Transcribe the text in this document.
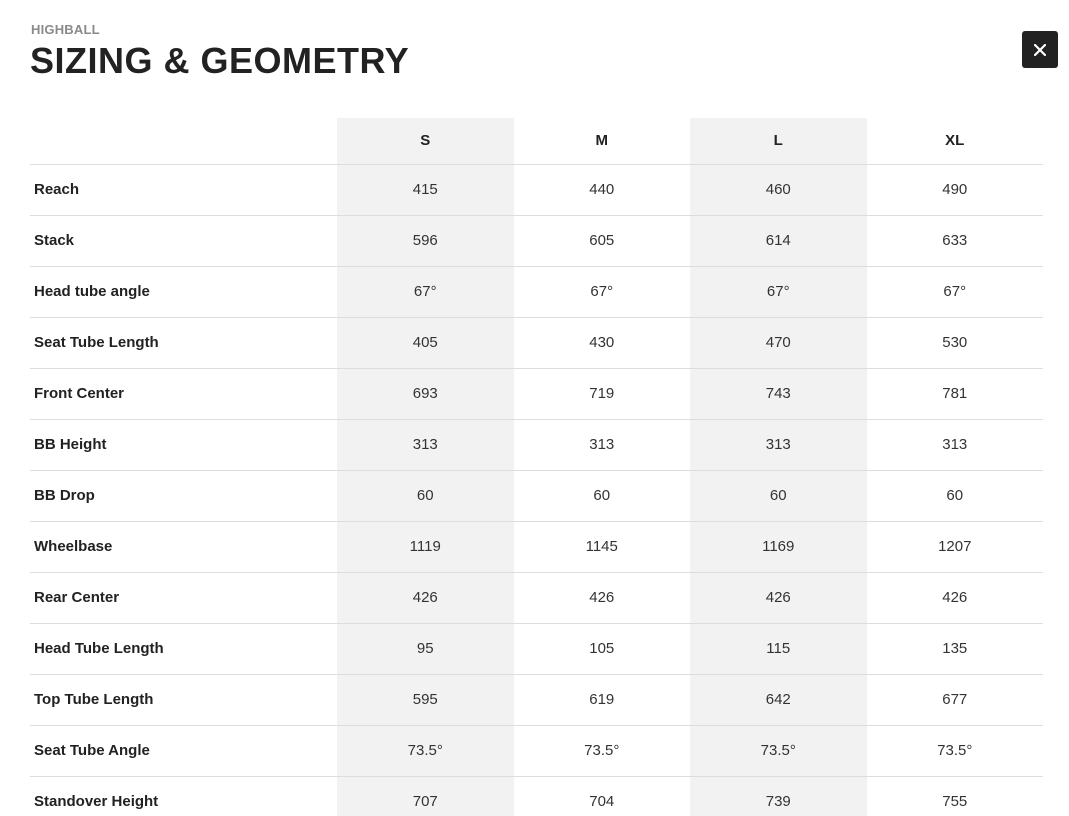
HIGHBALL
SIZING & GEOMETRY
	S	M	L	XL
Reach	415	440	460	490
Stack	596	605	614	633
Head tube angle	67°	67°	67°	67°
Seat Tube Length	405	430	470	530
Front Center	693	719	743	781
BB Height	313	313	313	313
BB Drop	60	60	60	60
Wheelbase	1119	1145	1169	1207
Rear Center	426	426	426	426
Head Tube Length	95	105	115	135
Top Tube Length	595	619	642	677
Seat Tube Angle	73.5°	73.5°	73.5°	73.5°
Standover Height	707	704	739	755
